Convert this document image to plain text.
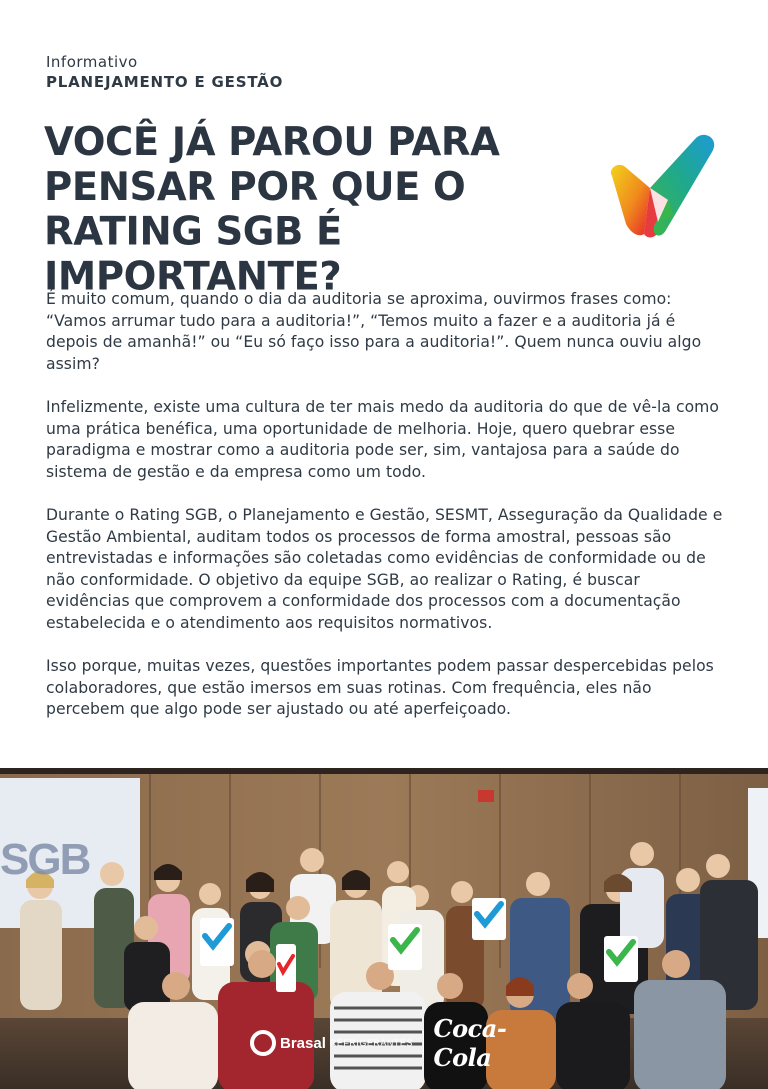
Informativo
PLANEJAMENTO E GESTÃO
VOCÊ JÁ PAROU PARA PENSAR POR QUE O RATING SGB É IMPORTANTE?

É muito comum, quando o dia da auditoria se aproxima, ouvirmos frases como: “Vamos arrumar tudo para a auditoria!”, “Temos muito a fazer e a auditoria já é depois de amanhã!” ou “Eu só faço isso para a auditoria!”. Quem nunca ouviu algo assim?

Infelizmente, existe uma cultura de ter mais medo da auditoria do que de vê-la como uma prática benéfica, uma oportunidade de melhoria. Hoje, quero quebrar esse paradigma e mostrar como a auditoria pode ser, sim, vantajosa para a saúde do sistema de gestão e da empresa como um todo.

Durante o Rating SGB, o Planejamento e Gestão, SESMT, Asseguração da Qualidade e Gestão Ambiental, auditam todos os processos de forma amostral, pessoas são entrevistadas e informações são coletadas como evidências de conformidade ou de não conformidade. O objetivo da equipe SGB, ao realizar o Rating, é buscar evidências que comprovem a conformidade dos processos com a documentação estabelecida e o atendimento aos requisitos normativos.

Isso porque, muitas vezes, questões importantes podem passar despercebidas pelos colaboradores, que estão imersos em suas rotinas. Com frequência, eles não percebem que algo pode ser ajustado ou até aperfeiçoado.

SGB
Brasal REFRIGERANTES Coca-Cola
